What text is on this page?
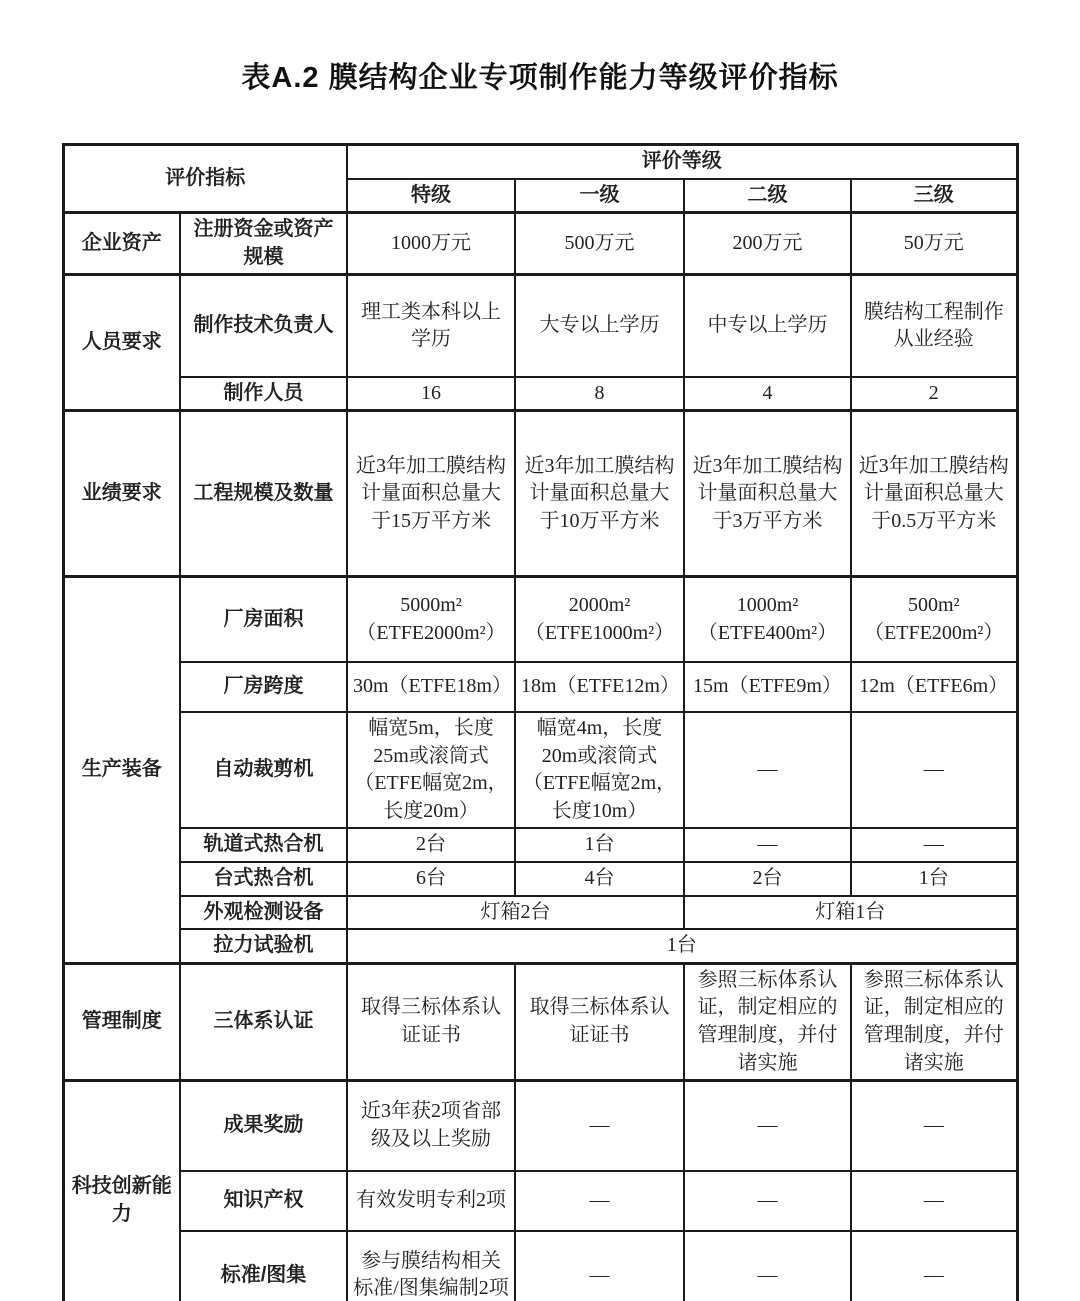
表A.2 膜结构企业专项制作能力等级评价指标
评价指标		评价等级			
		特级	一级	二级	三级
企业资产	注册资金或资产规模	1000万元	500万元	200万元	50万元
人员要求	制作技术负责人	理工类本科以上学历	大专以上学历	中专以上学历	膜结构工程制作从业经验
	制作人员	16	8	4	2
业绩要求	工程规模及数量	近3年加工膜结构计量面积总量大于15万平方米	近3年加工膜结构计量面积总量大于10万平方米	近3年加工膜结构计量面积总量大于3万平方米	近3年加工膜结构计量面积总量大于0.5万平方米
生产装备	厂房面积	5000m²（ETFE2000m²）	2000m²（ETFE1000m²）	1000m²（ETFE400m²）	500m²（ETFE200m²）
	厂房跨度	30m（ETFE18m）	18m（ETFE12m）	15m（ETFE9m）	12m（ETFE6m）
	自动裁剪机	幅宽5m，长度25m或滚筒式（ETFE幅宽2m，长度20m）	幅宽4m，长度20m或滚筒式（ETFE幅宽2m，长度10m）	—	—
	轨道式热合机	2台	1台	—	—
	台式热合机	6台	4台	2台	1台
	外观检测设备	灯箱2台		灯箱1台	
	拉力试验机	1台			
管理制度	三体系认证	取得三标体系认证证书	取得三标体系认证证书	参照三标体系认证，制定相应的管理制度，并付诸实施	参照三标体系认证，制定相应的管理制度，并付诸实施
科技创新能力	成果奖励	近3年获2项省部级及以上奖励	—	—	—
	知识产权	有效发明专利2项	—	—	—
	标准/图集	参与膜结构相关标准/图集编制2项	—	—	—
